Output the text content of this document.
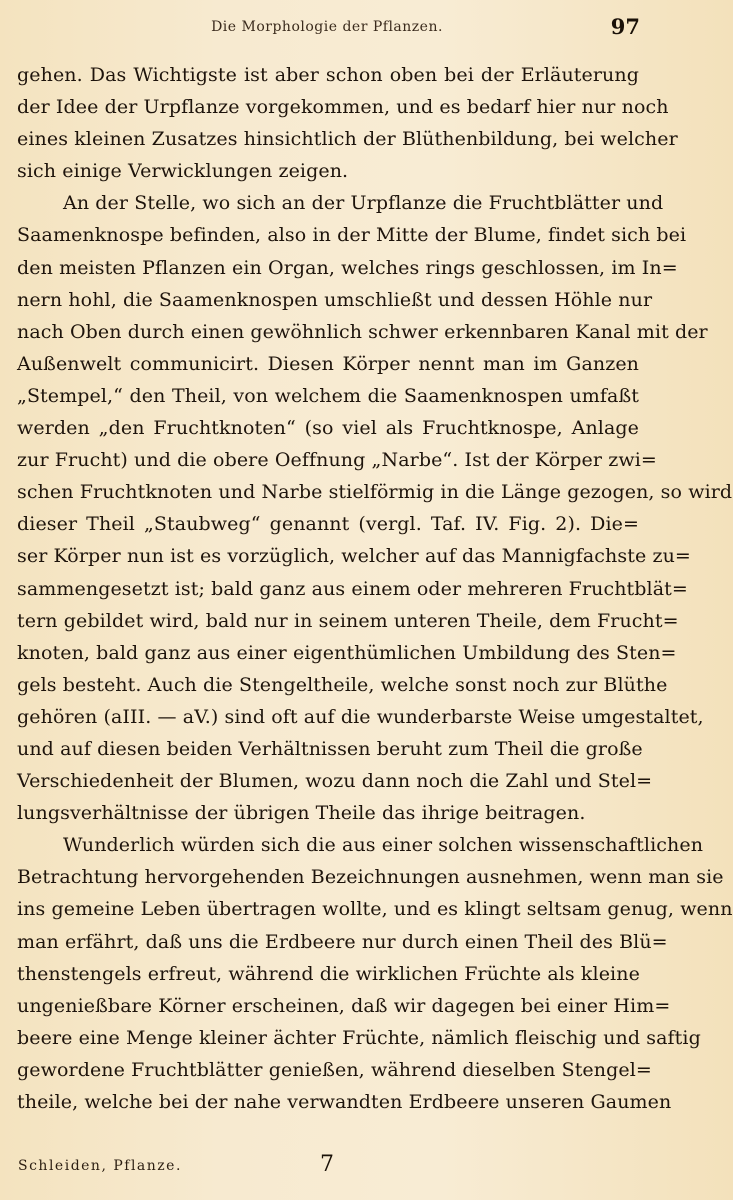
Die Morphologie der Pflanzen.	97
gehen. Das Wichtigste ist aber schon oben bei der Erläuterung
der Idee der Urpflanze vorgekommen, und es bedarf hier nur noch
eines kleinen Zusatzes hinsichtlich der Blüthenbildung, bei welcher
sich einige Verwicklungen zeigen.
An der Stelle, wo sich an der Urpflanze die Fruchtblätter und
Saamenknospe befinden, also in der Mitte der Blume, findet sich bei
den meisten Pflanzen ein Organ, welches rings geschlossen, im In=
nern hohl, die Saamenknospen umschließt und dessen Höhle nur
nach Oben durch einen gewöhnlich schwer erkennbaren Kanal mit der
Außenwelt communicirt. Diesen Körper nennt man im Ganzen
„Stempel,“ den Theil, von welchem die Saamenknospen umfaßt
werden „den Fruchtknoten“ (so viel als Fruchtknospe, Anlage
zur Frucht) und die obere Oeffnung „Narbe“. Ist der Körper zwi=
schen Fruchtknoten und Narbe stielförmig in die Länge gezogen, so wird
dieser Theil „Staubweg“ genannt (vergl. Taf. IV. Fig. 2). Die=
ser Körper nun ist es vorzüglich, welcher auf das Mannigfachste zu=
sammengesetzt ist; bald ganz aus einem oder mehreren Fruchtblät=
tern gebildet wird, bald nur in seinem unteren Theile, dem Frucht=
knoten, bald ganz aus einer eigenthümlichen Umbildung des Sten=
gels besteht. Auch die Stengeltheile, welche sonst noch zur Blüthe
gehören (aIII. — aV.) sind oft auf die wunderbarste Weise umgestaltet,
und auf diesen beiden Verhältnissen beruht zum Theil die große
Verschiedenheit der Blumen, wozu dann noch die Zahl und Stel=
lungsverhältnisse der übrigen Theile das ihrige beitragen.
Wunderlich würden sich die aus einer solchen wissenschaftlichen
Betrachtung hervorgehenden Bezeichnungen ausnehmen, wenn man sie
ins gemeine Leben übertragen wollte, und es klingt seltsam genug, wenn
man erfährt, daß uns die Erdbeere nur durch einen Theil des Blü=
thenstengels erfreut, während die wirklichen Früchte als kleine
ungenießbare Körner erscheinen, daß wir dagegen bei einer Him=
beere eine Menge kleiner ächter Früchte, nämlich fleischig und saftig
gewordene Fruchtblätter genießen, während dieselben Stengel=
theile, welche bei der nahe verwandten Erdbeere unseren Gaumen
Schleiden, Pflanze.	7
